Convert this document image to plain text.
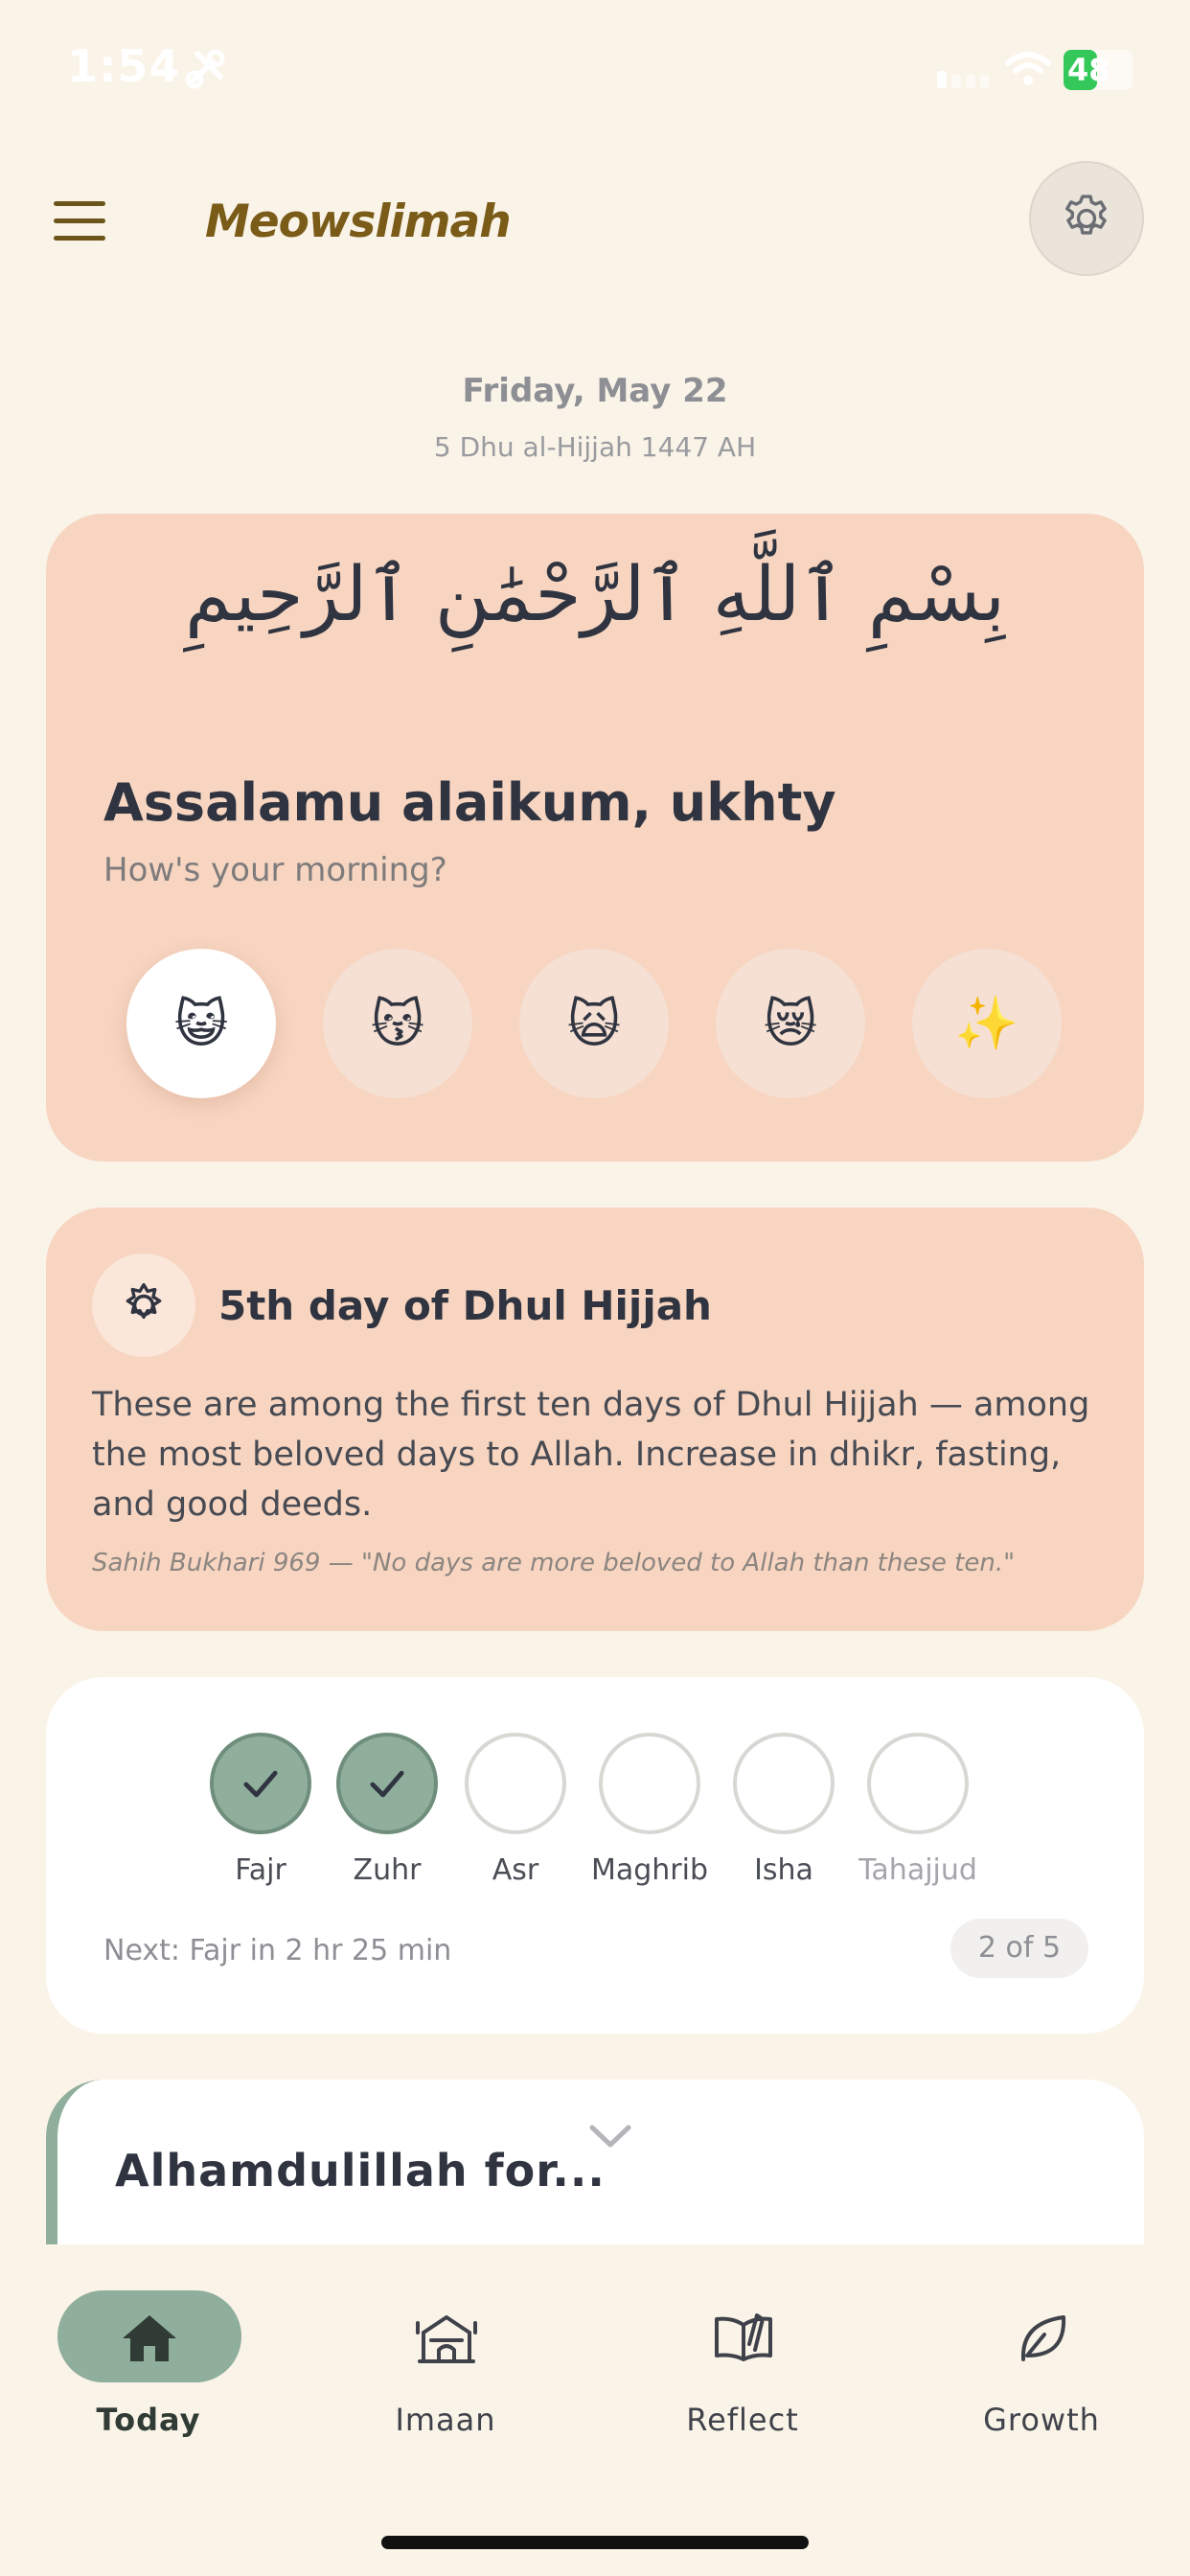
1:54	48
Meowslimah
Friday, May 22
5 Dhu al-Hijjah 1447 AH
بِسْمِ ٱللَّهِ ٱلرَّحْمَٰنِ ٱلرَّحِيمِ
Assalamu alaikum, ukhty
How's your morning?
😺	😽	🙀	😿	✨
5th day of Dhul Hijjah
These are among the first ten days of Dhul Hijjah — among the most beloved days to Allah. Increase in dhikr, fasting, and good deeds.
Sahih Bukhari 969 — "No days are more beloved to Allah than these ten."
Fajr	Zuhr	Asr	Maghrib	Isha	Tahajjud
Next: Fajr in 2 hr 25 min	2 of 5
Alhamdulillah for...
Today	Imaan	Reflect	Growth
